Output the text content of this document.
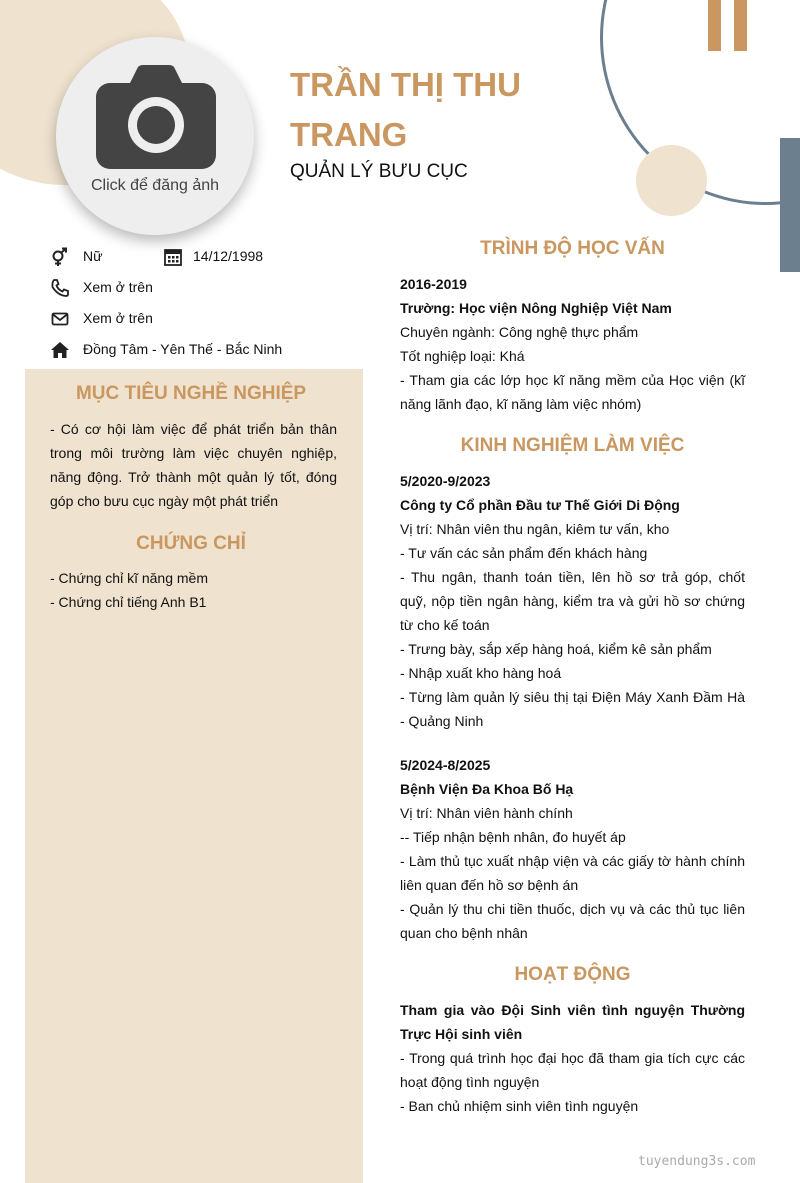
Click để đăng ảnh
TRẦN THỊ THU TRANG
QUẢN LÝ BƯU CỤC
Nữ	14/12/1998
Xem ở trên
Xem ở trên
Đồng Tâm - Yên Thế - Bắc Ninh
MỤC TIÊU NGHỀ NGHIỆP
- Có cơ hội làm việc để phát triển bản thân trong môi trường làm việc chuyên nghiệp, năng động. Trở thành một quản lý tốt, đóng góp cho bưu cục ngày một phát triển
CHỨNG CHỈ
- Chứng chỉ kĩ năng mềm
- Chứng chỉ tiếng Anh B1
TRÌNH ĐỘ HỌC VẤN
2016-2019
Trường: Học viện Nông Nghiệp Việt Nam
Chuyên ngành: Công nghệ thực phẩm
Tốt nghiệp loại: Khá
- Tham gia các lớp học kĩ năng mềm của Học viện (kĩ năng lãnh đạo, kĩ năng làm việc nhóm)
KINH NGHIỆM LÀM VIỆC
5/2020-9/2023
Công ty Cổ phần Đầu tư Thế Giới Di Động
Vị trí: Nhân viên thu ngân, kiêm tư vấn, kho
- Tư vấn các sản phẩm đến khách hàng
- Thu ngân, thanh toán tiền, lên hồ sơ trả góp, chốt quỹ, nộp tiền ngân hàng, kiểm tra và gửi hồ sơ chứng từ cho kế toán
- Trưng bày, sắp xếp hàng hoá, kiểm kê sản phẩm
- Nhập xuất kho hàng hoá
- Từng làm quản lý siêu thị tại Điện Máy Xanh Đầm Hà - Quảng Ninh
5/2024-8/2025
Bệnh Viện Đa Khoa Bố Hạ
Vị trí: Nhân viên hành chính
-- Tiếp nhận bệnh nhân, đo huyết áp
- Làm thủ tục xuất nhập viện và các giấy tờ hành chính liên quan đến hồ sơ bệnh án
- Quản lý thu chi tiền thuốc, dịch vụ và các thủ tục liên quan cho bệnh nhân
HOẠT ĐỘNG
Tham gia vào Đội Sinh viên tình nguyện Thường Trực Hội sinh viên
- Trong quá trình học đại học đã tham gia tích cực các hoạt động tình nguyện
- Ban chủ nhiệm sinh viên tình nguyện
tuyendung3s.com
